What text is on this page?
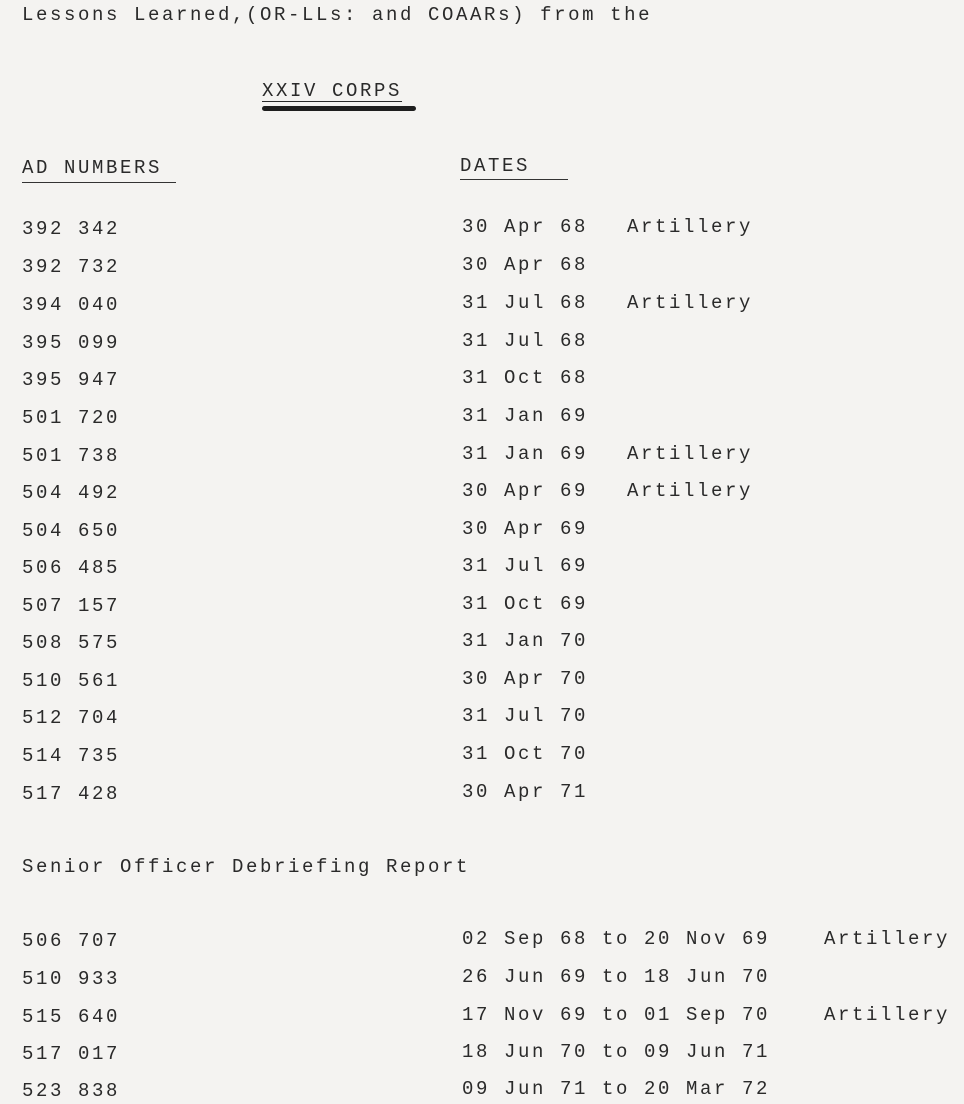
Lessons Learned,(OR-LLs: and COAARs) from the
XXIV CORPS
AD NUMBERS	DATES
392 342	30 Apr 68 Artillery
392 732	30 Apr 68
394 040	31 Jul 68 Artillery
395 099	31 Jul 68
395 947	31 Oct 68
501 720	31 Jan 69
501 738	31 Jan 69 Artillery
504 492	30 Apr 69 Artillery
504 650	30 Apr 69
506 485	31 Jul 69
507 157	31 Oct 69
508 575	31 Jan 70
510 561	30 Apr 70
512 704	31 Jul 70
514 735	31 Oct 70
517 428	30 Apr 71
Senior Officer Debriefing Report
506 707	02 Sep 68 to 20 Nov 69	Artillery
510 933	26 Jun 69 to 18 Jun 70
515 640	17 Nov 69 to 01 Sep 70	Artillery
517 017	18 Jun 70 to 09 Jun 71
523 838	09 Jun 71 to 20 Mar 72
